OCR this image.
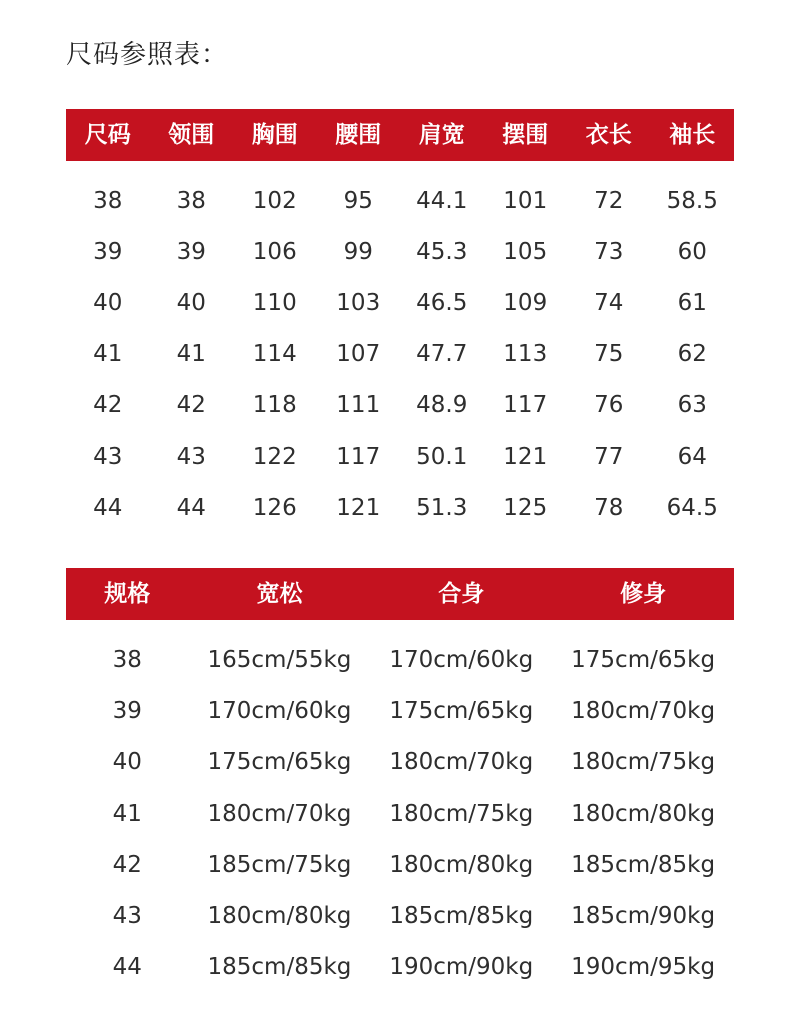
尺码参照表：
尺码	领围	胸围	腰围	肩宽	摆围	衣长	袖长
38	38	102	95	44.1	101	72	58.5
39	39	106	99	45.3	105	73	60
40	40	110	103	46.5	109	74	61
41	41	114	107	47.7	113	75	62
42	42	118	111	48.9	117	76	63
43	43	122	117	50.1	121	77	64
44	44	126	121	51.3	125	78	64.5
规格	宽松	合身	修身
38	165cm/55kg	170cm/60kg	175cm/65kg
39	170cm/60kg	175cm/65kg	180cm/70kg
40	175cm/65kg	180cm/70kg	180cm/75kg
41	180cm/70kg	180cm/75kg	180cm/80kg
42	185cm/75kg	180cm/80kg	185cm/85kg
43	180cm/80kg	185cm/85kg	185cm/90kg
44	185cm/85kg	190cm/90kg	190cm/95kg
